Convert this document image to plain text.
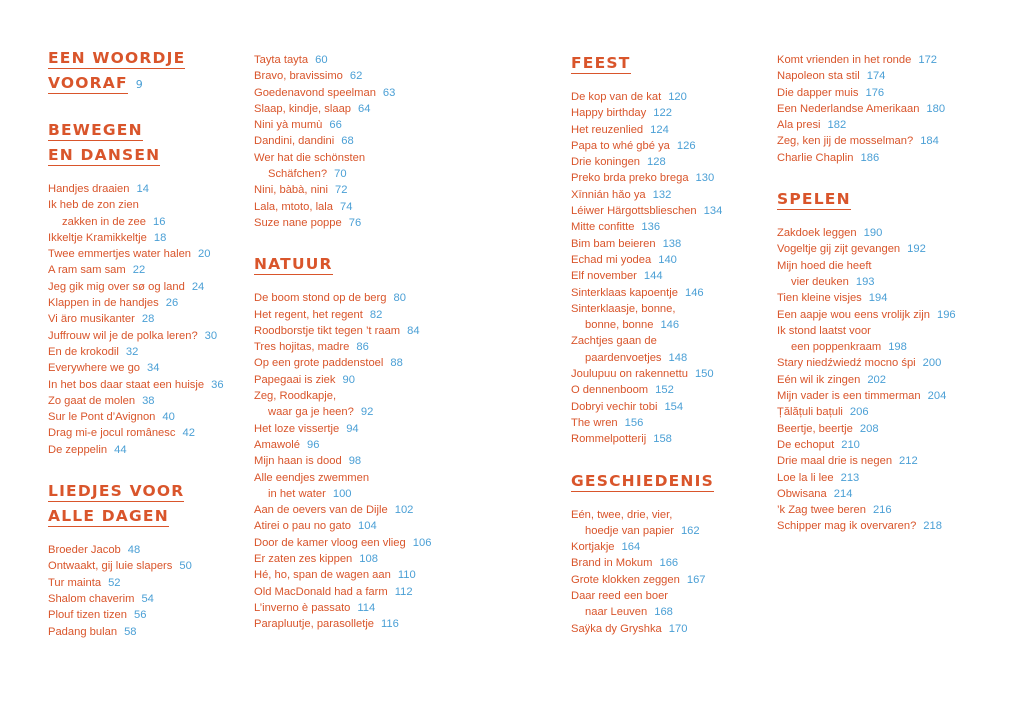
EEN WOORDJE
VOORAF 9
BEWEGEN
EN DANSEN
Handjes draaien 14
Ik heb de zon zien
zakken in de zee 16
Ikkeltje Kramikkeltje 18
Twee emmertjes water halen 20
A ram sam sam 22
Jeg gik mig over sø og land 24
Klappen in de handjes 26
Vi äro musikanter 28
Juffrouw wil je de polka leren? 30
En de krokodil 32
Everywhere we go 34
In het bos daar staat een huisje 36
Zo gaat de molen 38
Sur le Pont d’Avignon 40
Drag mi-e jocul românesc 42
De zeppelin 44
LIEDJES VOOR
ALLE DAGEN
Broeder Jacob 48
Ontwaakt, gij luie slapers 50
Tur mainta 52
Shalom chaverim 54
Plouf tizen tizen 56
Padang bulan 58
Tayta tayta 60
Bravo, bravissimo 62
Goedenavond speelman 63
Slaap, kindje, slaap 64
Nini yà mumù 66
Dandini, dandini 68
Wer hat die schönsten
Schäfchen? 70
Nini, bàbà, nini 72
Lala, mtoto, lala 74
Suze nane poppe 76
NATUUR
De boom stond op de berg 80
Het regent, het regent 82
Roodborstje tikt tegen ’t raam 84
Tres hojitas, madre 86
Op een grote paddenstoel 88
Papegaai is ziek 90
Zeg, Roodkapje,
waar ga je heen? 92
Het loze vissertje 94
Amawolé 96
Mijn haan is dood 98
Alle eendjes zwemmen
in het water 100
Aan de oevers van de Dijle 102
Atirei o pau no gato 104
Door de kamer vloog een vlieg 106
Er zaten zes kippen 108
Hé, ho, span de wagen aan 110
Old MacDonald had a farm 112
L’inverno è passato 114
Parapluutje, parasolletje 116
FEEST
De kop van de kat 120
Happy birthday 122
Het reuzenlied 124
Papa to whé gbé ya 126
Drie koningen 128
Preko brda preko brega 130
Xīnnián hǎo ya 132
Léiwer Härgottsblieschen 134
Mitte confitte 136
Bim bam beieren 138
Echad mi yodea 140
Elf november 144
Sinterklaas kapoentje 146
Sinterklaasje, bonne,
bonne, bonne 146
Zachtjes gaan de
paardenvoetjes 148
Joulupuu on rakennettu 150
O dennenboom 152
Dobryi vechir tobi 154
The wren 156
Rommelpotterij 158
GESCHIEDENIS
Eén, twee, drie, vier,
hoedje van papier 162
Kortjakje 164
Brand in Mokum 166
Grote klokken zeggen 167
Daar reed een boer
naar Leuven 168
Saÿka dy Gryshka 170
Komt vrienden in het ronde 172
Napoleon sta stil 174
Die dapper muis 176
Een Nederlandse Amerikaan 180
Ala presi 182
Zeg, ken jij de mosselman? 184
Charlie Chaplin 186
SPELEN
Zakdoek leggen 190
Vogeltje gij zijt gevangen 192
Mijn hoed die heeft
vier deuken 193
Tien kleine visjes 194
Een aapje wou eens vrolijk zijn 196
Ik stond laatst voor
een poppenkraam 198
Stary niedźwiedź mocno śpi 200
Eén wil ik zingen 202
Mijn vader is een timmerman 204
Țălățuli bațuli 206
Beertje, beertje 208
De echoput 210
Drie maal drie is negen 212
Loe la li lee 213
Obwisana 214
’k Zag twee beren 216
Schipper mag ik overvaren? 218
